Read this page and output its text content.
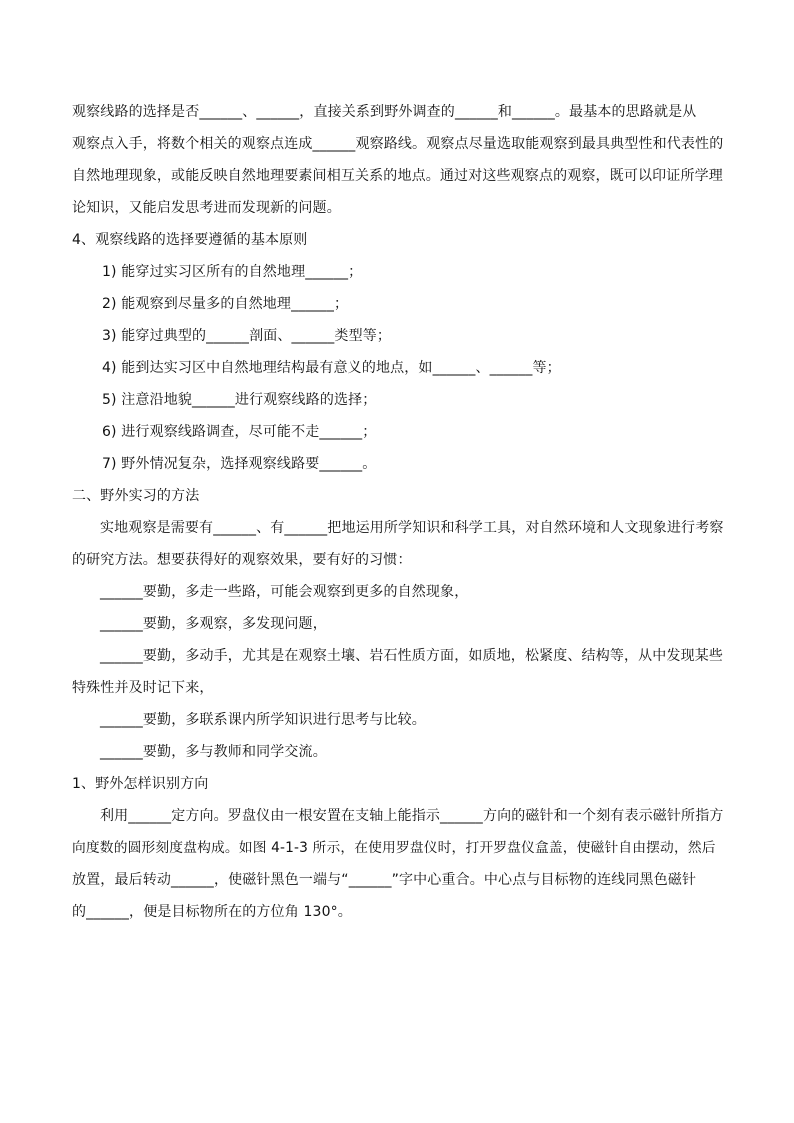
观察线路的选择是否______、______，直接关系到野外调查的______和______。最基本的思路就是从
观察点入手，将数个相关的观察点连成______观察路线。观察点尽量选取能观察到最具典型性和代表性的
自然地理现象，或能反映自然地理要素间相互关系的地点。通过对这些观察点的观察，既可以印证所学理
论知识，又能启发思考进而发现新的问题。
4、观察线路的选择要遵循的基本原则
1) 能穿过实习区所有的自然地理______；
2) 能观察到尽量多的自然地理______；
3) 能穿过典型的______剖面、______类型等；
4) 能到达实习区中自然地理结构最有意义的地点，如______、______等；
5) 注意沿地貌______进行观察线路的选择；
6) 进行观察线路调查，尽可能不走______；
7) 野外情况复杂，选择观察线路要______。
二、野外实习的方法
实地观察是需要有______、有______把地运用所学知识和科学工具，对自然环境和人文现象进行考察
的研究方法。想要获得好的观察效果，要有好的习惯：
______要勤，多走一些路，可能会观察到更多的自然现象，
______要勤，多观察，多发现问题，
______要勤，多动手，尤其是在观察土壤、岩石性质方面，如质地，松紧度、结构等，从中发现某些
特殊性并及时记下来，
______要勤，多联系课内所学知识进行思考与比较。
______要勤，多与教师和同学交流。
1、野外怎样识别方向
利用______定方向。罗盘仪由一根安置在支轴上能指示______方向的磁针和一个刻有表示磁针所指方
向度数的圆形刻度盘构成。如图 4-1-3 所示，在使用罗盘仪时，打开罗盘仪盒盖，使磁针自由摆动，然后
放置，最后转动______，使磁针黑色一端与“______”字中心重合。中心点与目标物的连线同黑色磁针
的______，便是目标物所在的方位角 130°。
